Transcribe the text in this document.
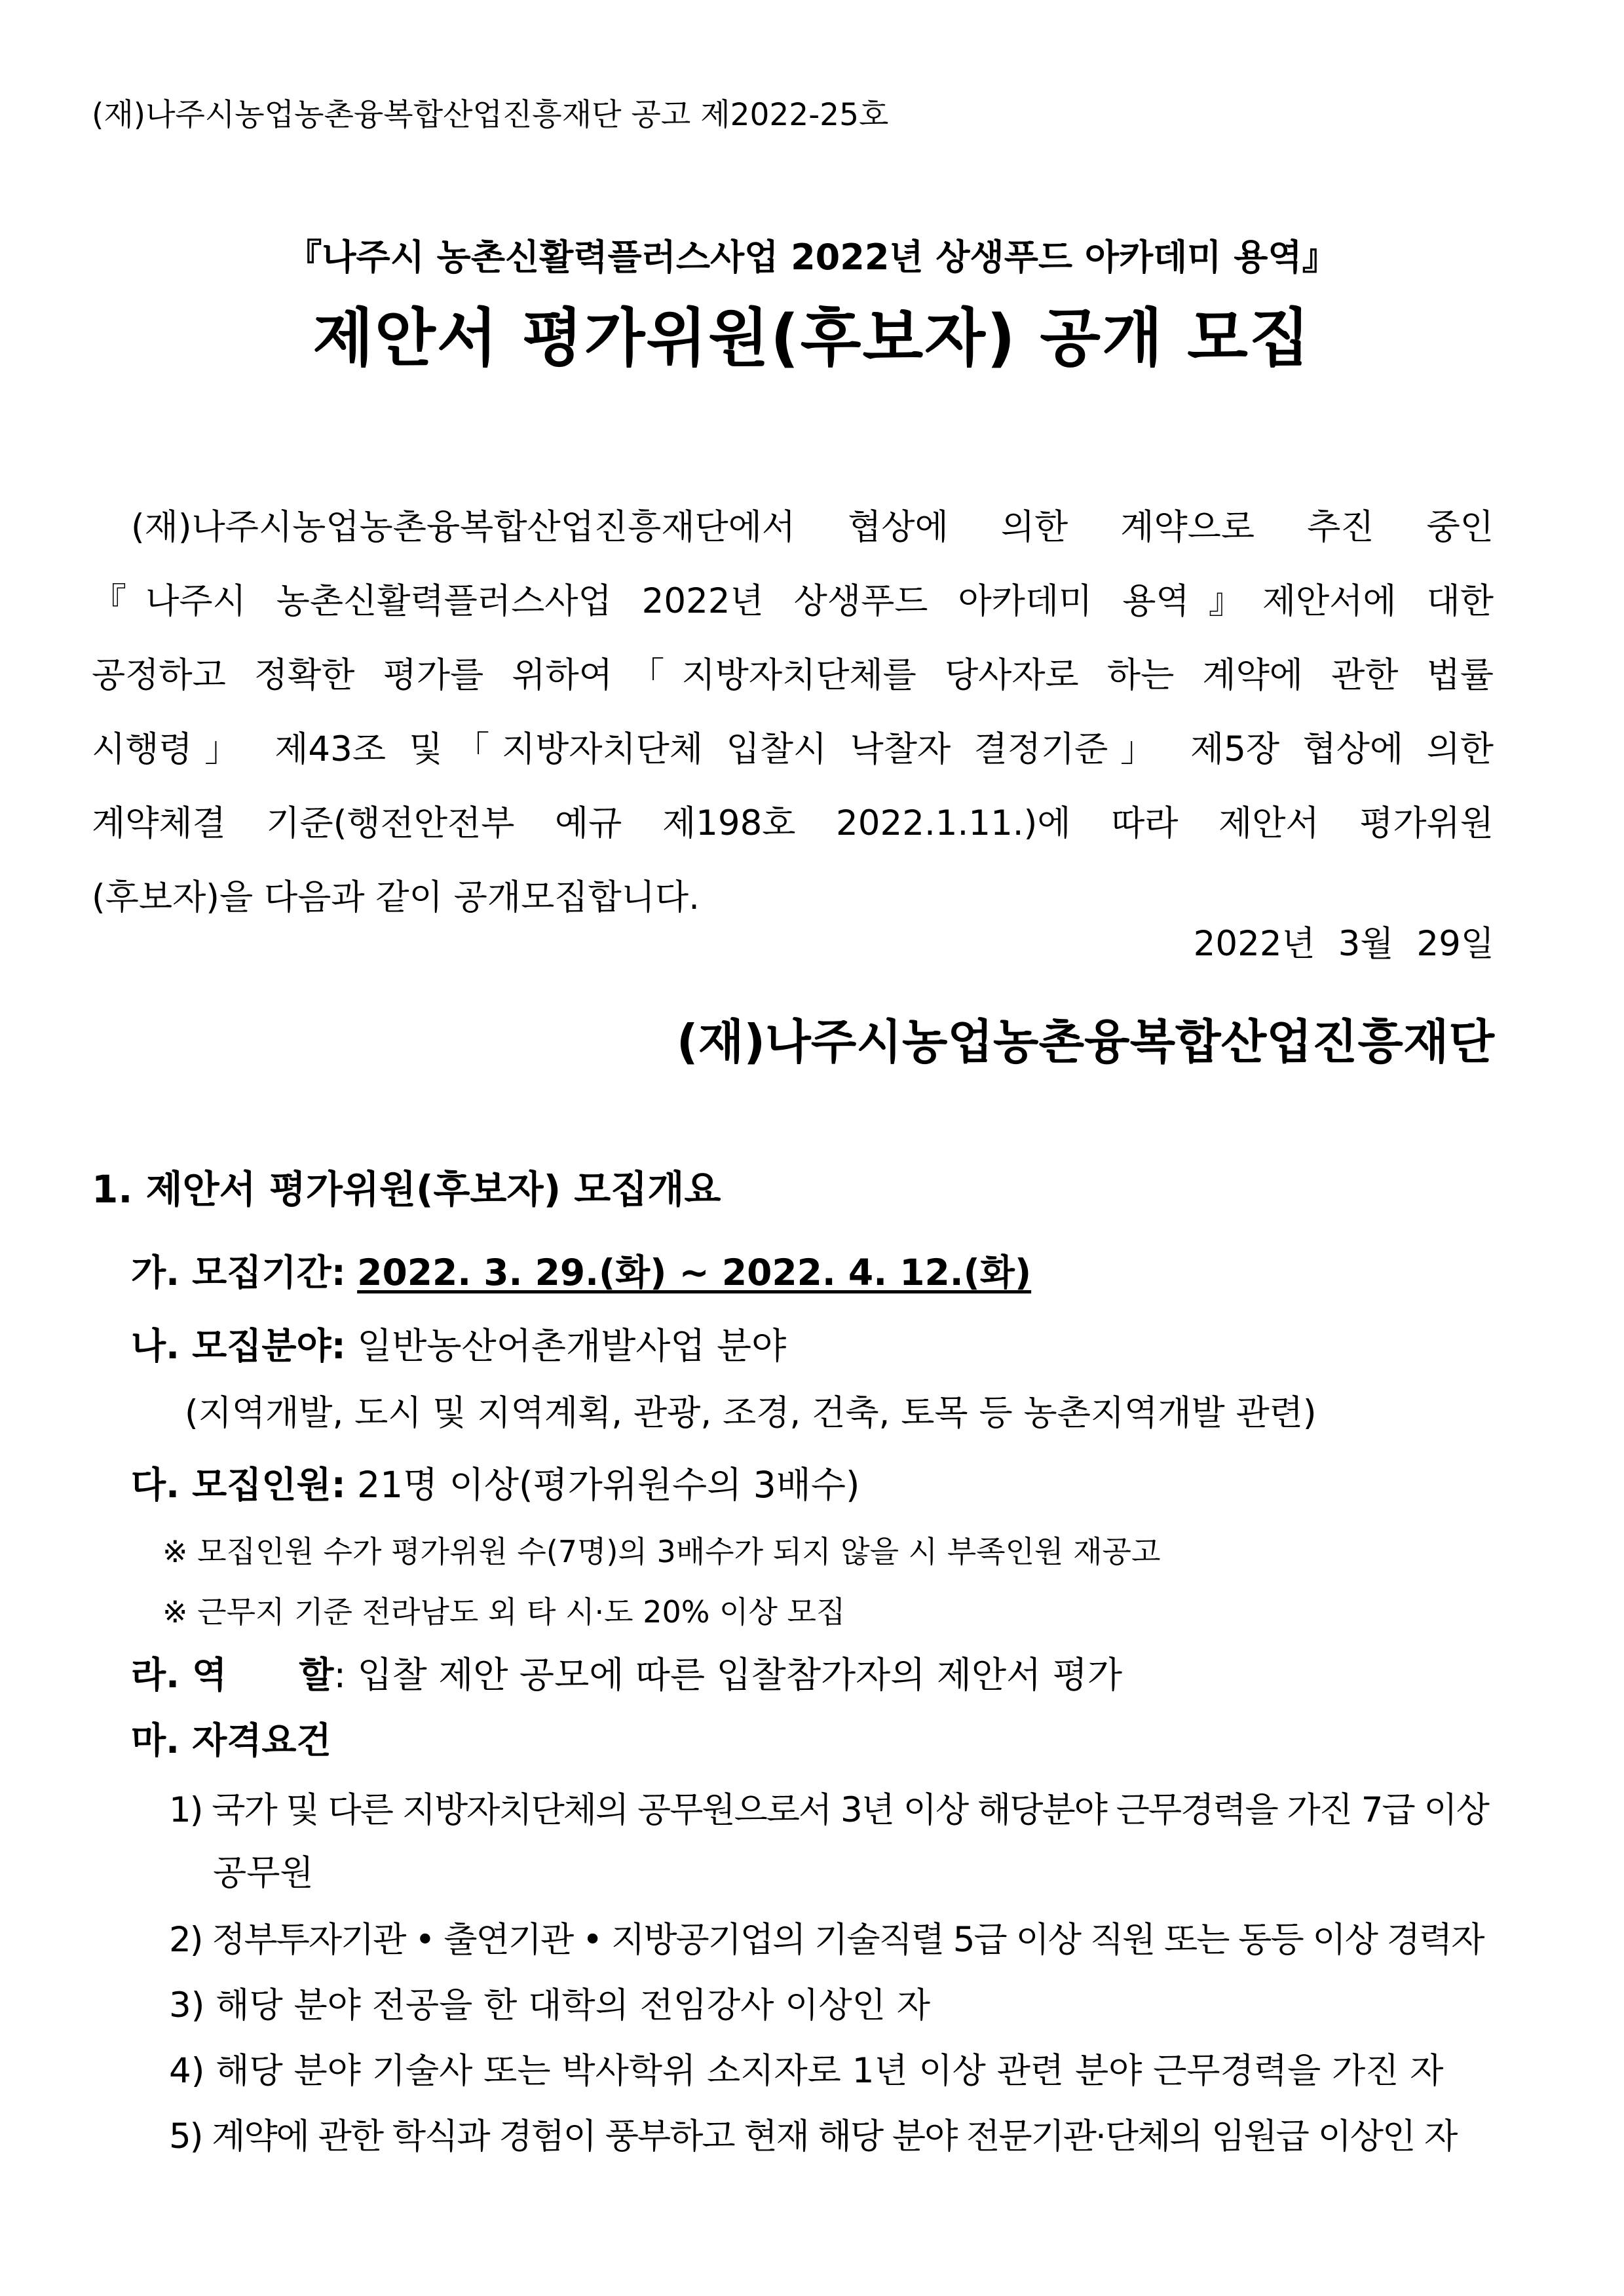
(재)나주시농업농촌융복합산업진흥재단 공고 제2022-25호
『나주시 농촌신활력플러스사업 2022년 상생푸드 아카데미 용역』
제안서 평가위원(후보자) 공개 모집
(재)나주시농업농촌융복합산업진흥재단에서 협상에 의한 계약으로 추진 중인
『나주시 농촌신활력플러스사업 2022년 상생푸드 아카데미 용역』제안서에 대한
공정하고 정확한 평가를 위하여「지방자치단체를 당사자로 하는 계약에 관한 법률
시행령」 제43조 및「지방자치단체 입찰시 낙찰자 결정기준」 제5장 협상에 의한
계약체결 기준(행전안전부 예규 제198호 2022.1.11.)에 따라 제안서 평가위원
(후보자)을 다음과 같이 공개모집합니다.
2022년 3월 29일
(재)나주시농업농촌융복합산업진흥재단
1. 제안서 평가위원(후보자) 모집개요
가. 모집기간: 2022. 3. 29.(화) ~ 2022. 4. 12.(화)
나. 모집분야: 일반농산어촌개발사업 분야
(지역개발, 도시 및 지역계획, 관광, 조경, 건축, 토목 등 농촌지역개발 관련)
다. 모집인원: 21명 이상(평가위원수의 3배수)
※ 모집인원 수가 평가위원 수(7명)의 3배수가 되지 않을 시 부족인원 재공고
※ 근무지 기준 전라남도 외 타 시·도 20% 이상 모집
라. 역　　할: 입찰 제안 공모에 따른 입찰참가자의 제안서 평가
마. 자격요건
1) 국가 및 다른 지방자치단체의 공무원으로서 3년 이상 해당분야 근무경력을 가진 7급 이상
공무원
2) 정부투자기관 • 출연기관 • 지방공기업의 기술직렬 5급 이상 직원 또는 동등 이상 경력자
3) 해당 분야 전공을 한 대학의 전임강사 이상인 자
4) 해당 분야 기술사 또는 박사학위 소지자로 1년 이상 관련 분야 근무경력을 가진 자
5) 계약에 관한 학식과 경험이 풍부하고 현재 해당 분야 전문기관·단체의 임원급 이상인 자
